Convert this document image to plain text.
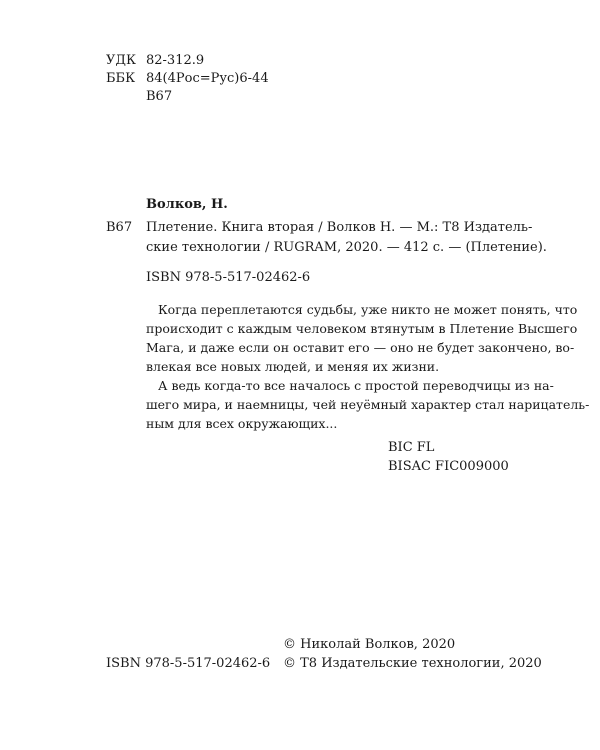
УДК 82-312.9
ББК 84(4Рос=Рус)6-44
В67
Волков, Н.
В67 Плетение. Книга вторая / Волков Н. — М.: Т8 Издатель-
ские технологии / RUGRAM, 2020. — 412 с. — (Плетение).
ISBN 978-5-517-02462-6
Когда переплетаются судьбы, уже никто не может понять, что
происходит с каждым человеком втянутым в Плетение Высшего
Мага, и даже если он оставит его — оно не будет закончено, во-
влекая все новых людей, и меняя их жизни.
А ведь когда-то все началось с простой переводчицы из на-
шего мира, и наемницы, чей неуёмный характер стал нарицатель-
ным для всех окружающих...
BIC FL
BISAC FIC009000
© Николай Волков, 2020
ISBN 978-5-517-02462-6 © Т8 Издательские технологии, 2020
